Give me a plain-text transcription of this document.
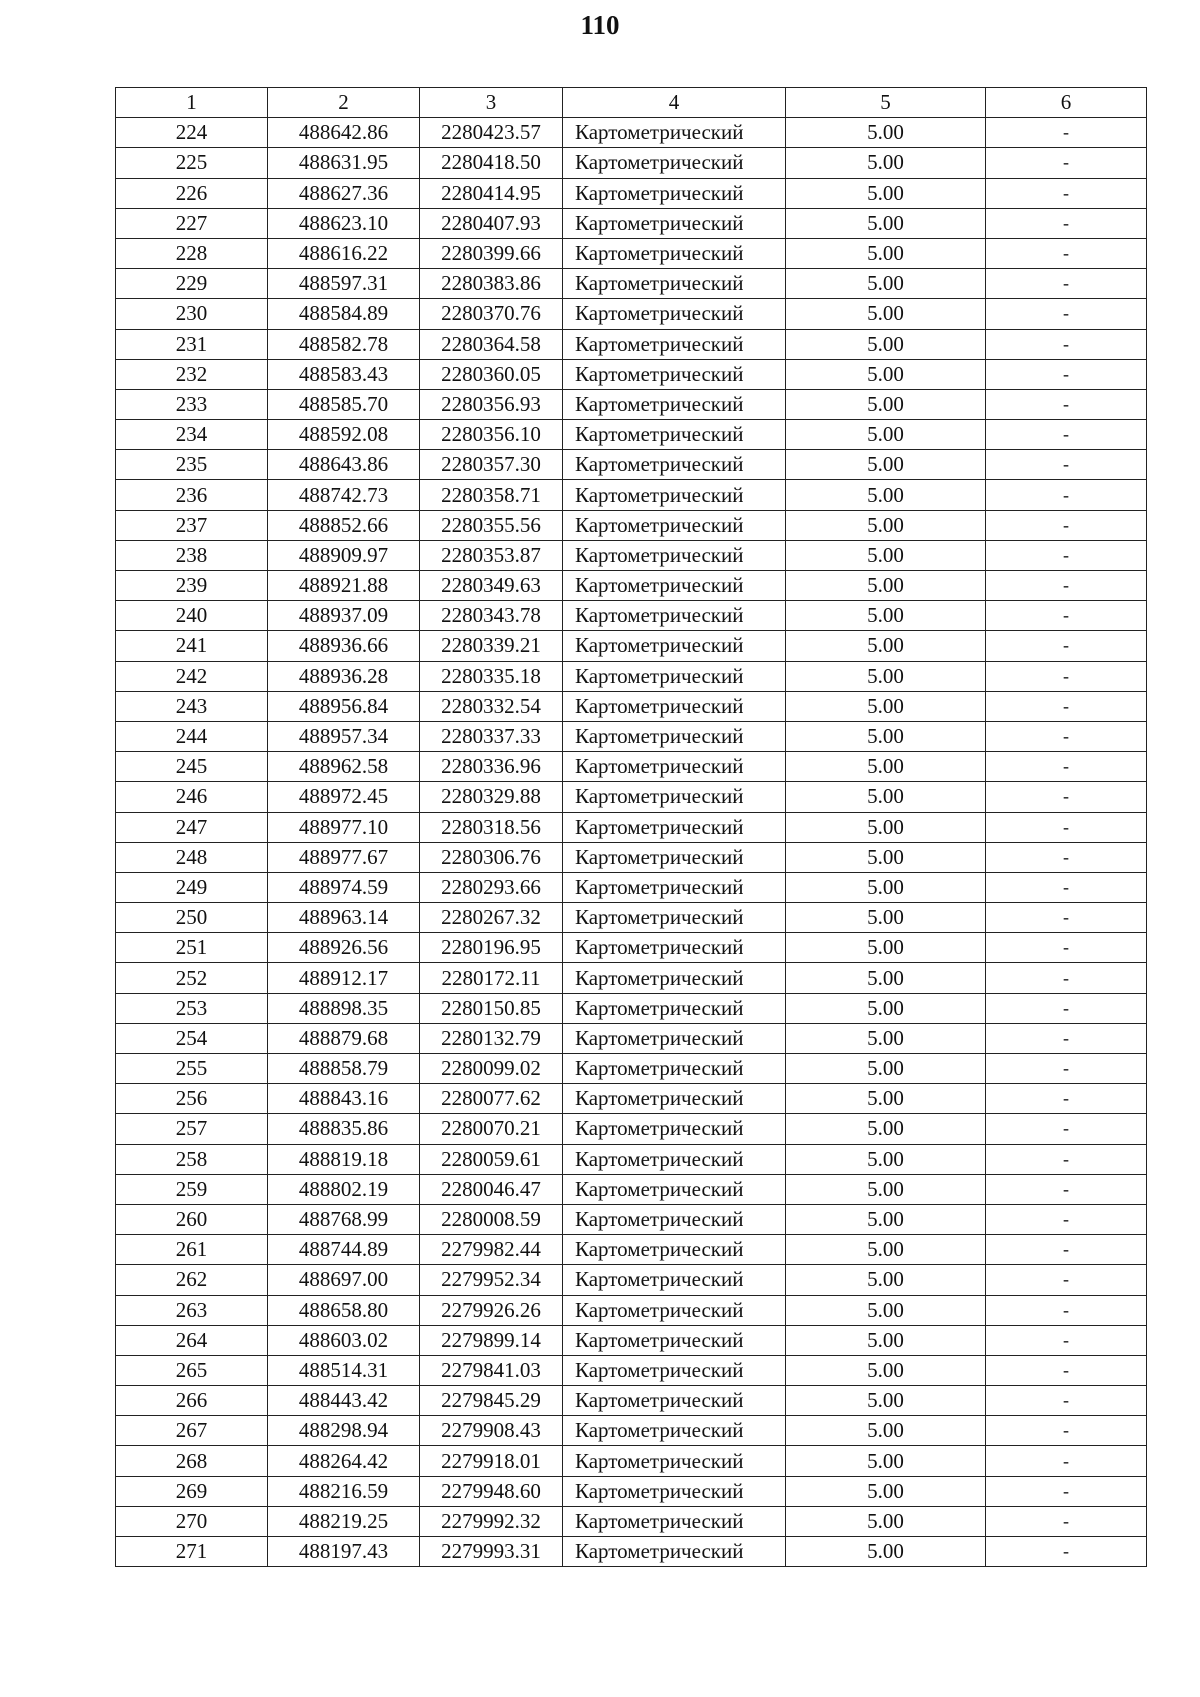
110
1	2	3	4	5	6
224	488642.86	2280423.57	Картометрический	5.00	-
225	488631.95	2280418.50	Картометрический	5.00	-
226	488627.36	2280414.95	Картометрический	5.00	-
227	488623.10	2280407.93	Картометрический	5.00	-
228	488616.22	2280399.66	Картометрический	5.00	-
229	488597.31	2280383.86	Картометрический	5.00	-
230	488584.89	2280370.76	Картометрический	5.00	-
231	488582.78	2280364.58	Картометрический	5.00	-
232	488583.43	2280360.05	Картометрический	5.00	-
233	488585.70	2280356.93	Картометрический	5.00	-
234	488592.08	2280356.10	Картометрический	5.00	-
235	488643.86	2280357.30	Картометрический	5.00	-
236	488742.73	2280358.71	Картометрический	5.00	-
237	488852.66	2280355.56	Картометрический	5.00	-
238	488909.97	2280353.87	Картометрический	5.00	-
239	488921.88	2280349.63	Картометрический	5.00	-
240	488937.09	2280343.78	Картометрический	5.00	-
241	488936.66	2280339.21	Картометрический	5.00	-
242	488936.28	2280335.18	Картометрический	5.00	-
243	488956.84	2280332.54	Картометрический	5.00	-
244	488957.34	2280337.33	Картометрический	5.00	-
245	488962.58	2280336.96	Картометрический	5.00	-
246	488972.45	2280329.88	Картометрический	5.00	-
247	488977.10	2280318.56	Картометрический	5.00	-
248	488977.67	2280306.76	Картометрический	5.00	-
249	488974.59	2280293.66	Картометрический	5.00	-
250	488963.14	2280267.32	Картометрический	5.00	-
251	488926.56	2280196.95	Картометрический	5.00	-
252	488912.17	2280172.11	Картометрический	5.00	-
253	488898.35	2280150.85	Картометрический	5.00	-
254	488879.68	2280132.79	Картометрический	5.00	-
255	488858.79	2280099.02	Картометрический	5.00	-
256	488843.16	2280077.62	Картометрический	5.00	-
257	488835.86	2280070.21	Картометрический	5.00	-
258	488819.18	2280059.61	Картометрический	5.00	-
259	488802.19	2280046.47	Картометрический	5.00	-
260	488768.99	2280008.59	Картометрический	5.00	-
261	488744.89	2279982.44	Картометрический	5.00	-
262	488697.00	2279952.34	Картометрический	5.00	-
263	488658.80	2279926.26	Картометрический	5.00	-
264	488603.02	2279899.14	Картометрический	5.00	-
265	488514.31	2279841.03	Картометрический	5.00	-
266	488443.42	2279845.29	Картометрический	5.00	-
267	488298.94	2279908.43	Картометрический	5.00	-
268	488264.42	2279918.01	Картометрический	5.00	-
269	488216.59	2279948.60	Картометрический	5.00	-
270	488219.25	2279992.32	Картометрический	5.00	-
271	488197.43	2279993.31	Картометрический	5.00	-
